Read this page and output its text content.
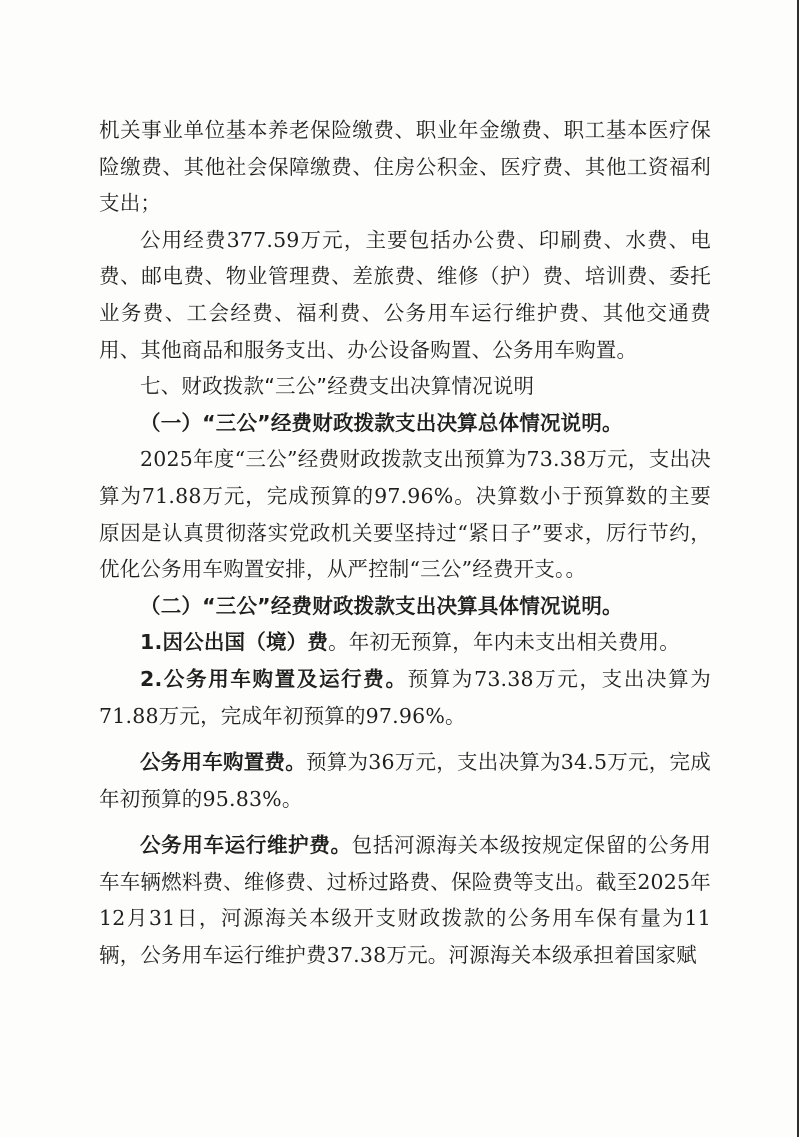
机关事业单位基本养老保险缴费、职业年金缴费、职工基本医疗保险缴费、其他社会保障缴费、住房公积金、医疗费、其他工资福利支出；

公用经费377.59万元，主要包括办公费、印刷费、水费、电费、邮电费、物业管理费、差旅费、维修（护）费、培训费、委托业务费、工会经费、福利费、公务用车运行维护费、其他交通费用、其他商品和服务支出、办公设备购置、公务用车购置。

七、财政拨款“三公”经费支出决算情况说明

（一）“三公”经费财政拨款支出决算总体情况说明。

2025年度“三公”经费财政拨款支出预算为73.38万元，支出决算为71.88万元，完成预算的97.96%。决算数小于预算数的主要原因是认真贯彻落实党政机关要坚持过“紧日子”要求，厉行节约，优化公务用车购置安排，从严控制“三公”经费开支。。

（二）“三公”经费财政拨款支出决算具体情况说明。

1.因公出国（境）费。年初无预算，年内未支出相关费用。

2.公务用车购置及运行费。预算为73.38万元，支出决算为71.88万元，完成年初预算的97.96%。

公务用车购置费。预算为36万元，支出决算为34.5万元，完成年初预算的95.83%。

公务用车运行维护费。包括河源海关本级按规定保留的公务用车车辆燃料费、维修费、过桥过路费、保险费等支出。截至2025年12月31日，河源海关本级开支财政拨款的公务用车保有量为11辆，公务用车运行维护费37.38万元。河源海关本级承担着国家赋
